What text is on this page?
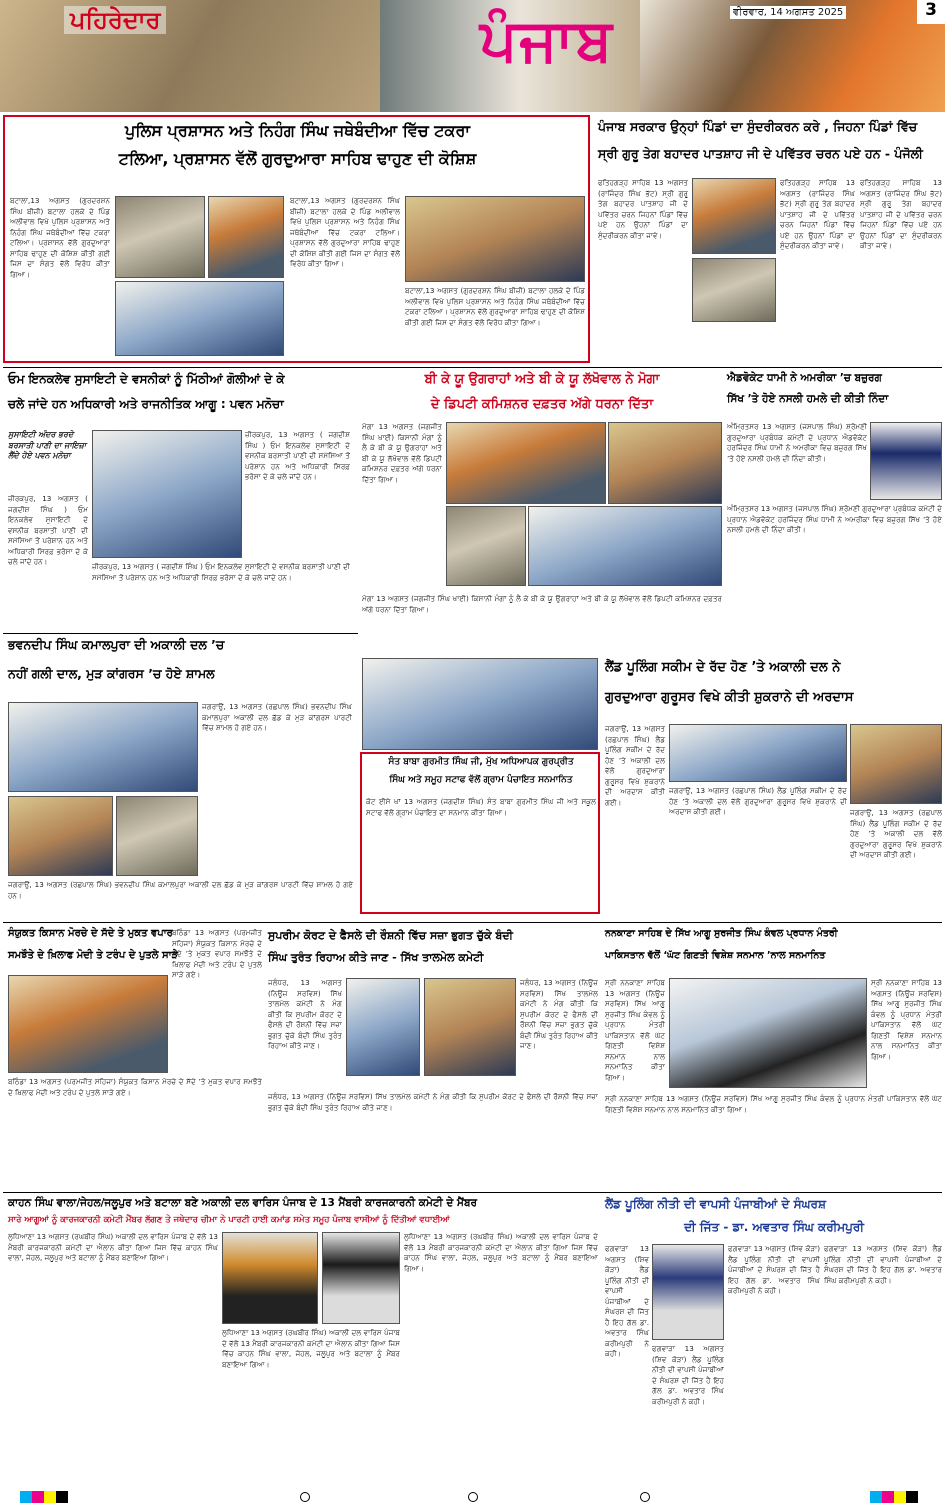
ਪਹਿਰੇਦਾਰ	ਪੰਜਾਬ	ਵੀਰਵਾਰ, 14 ਅਗਸਤ 2025	3
ਪੁਲਿਸ ਪ੍ਰਸ਼ਾਸਨ ਅਤੇ ਨਿਹੰਗ ਸਿੰਘ ਜਥੇਬੰਦੀਆ ਵਿੱਚ ਟਕਰਾ
ਟਲਿਆ, ਪ੍ਰਸ਼ਾਸਨ ਵੱਲੋਂ ਗੁਰਦੁਆਰਾ ਸਾਹਿਬ ਢਾਹੁਣ ਦੀ ਕੋਸ਼ਿਸ਼
ਬਟਾਲਾ,13 ਅਗਸਤ (ਗੁਰਦਰਸ਼ਨ ਸਿੰਘ ਬੀਜ਼ੀ) ਬਟਾਲਾ ਹਲਕੇ ਦੇ ਪਿੰਡ ਅਲੀਵਾਲ ਵਿਖੇ ਪੁਲਿਸ ਪ੍ਰਸ਼ਾਸਨ ਅਤੇ ਨਿਹੰਗ ਸਿੰਘ ਜਥੇਬੰਦੀਆਂ ਵਿੱਚ ਟਕਰਾ ਟਲਿਆ। ਪ੍ਰਸ਼ਾਸਨ ਵੱਲੋਂ ਗੁਰਦੁਆਰਾ ਸਾਹਿਬ ਢਾਹੁਣ ਦੀ ਕੋਸ਼ਿਸ਼ ਕੀਤੀ ਗਈ ਜਿਸ ਦਾ ਸੰਗਤ ਵੱਲੋਂ ਵਿਰੋਧ ਕੀਤਾ ਗਿਆ।
ਬਟਾਲਾ,13 ਅਗਸਤ (ਗੁਰਦਰਸ਼ਨ ਸਿੰਘ ਬੀਜ਼ੀ) ਬਟਾਲਾ ਹਲਕੇ ਦੇ ਪਿੰਡ ਅਲੀਵਾਲ ਵਿਖੇ ਪੁਲਿਸ ਪ੍ਰਸ਼ਾਸਨ ਅਤੇ ਨਿਹੰਗ ਸਿੰਘ ਜਥੇਬੰਦੀਆਂ ਵਿੱਚ ਟਕਰਾ ਟਲਿਆ। ਪ੍ਰਸ਼ਾਸਨ ਵੱਲੋਂ ਗੁਰਦੁਆਰਾ ਸਾਹਿਬ ਢਾਹੁਣ ਦੀ ਕੋਸ਼ਿਸ਼ ਕੀਤੀ ਗਈ ਜਿਸ ਦਾ ਸੰਗਤ ਵੱਲੋਂ ਵਿਰੋਧ ਕੀਤਾ ਗਿਆ।
ਬਟਾਲਾ,13 ਅਗਸਤ (ਗੁਰਦਰਸ਼ਨ ਸਿੰਘ ਬੀਜ਼ੀ) ਬਟਾਲਾ ਹਲਕੇ ਦੇ ਪਿੰਡ ਅਲੀਵਾਲ ਵਿਖੇ ਪੁਲਿਸ ਪ੍ਰਸ਼ਾਸਨ ਅਤੇ ਨਿਹੰਗ ਸਿੰਘ ਜਥੇਬੰਦੀਆਂ ਵਿੱਚ ਟਕਰਾ ਟਲਿਆ। ਪ੍ਰਸ਼ਾਸਨ ਵੱਲੋਂ ਗੁਰਦੁਆਰਾ ਸਾਹਿਬ ਢਾਹੁਣ ਦੀ ਕੋਸ਼ਿਸ਼ ਕੀਤੀ ਗਈ ਜਿਸ ਦਾ ਸੰਗਤ ਵੱਲੋਂ ਵਿਰੋਧ ਕੀਤਾ ਗਿਆ।
ਪੰਜਾਬ ਸਰਕਾਰ ਉਨ੍ਹਾਂ ਪਿੰਡਾਂ ਦਾ ਸੁੰਦਰੀਕਰਨ ਕਰੇ , ਜਿਹਨਾ ਪਿੰਡਾਂ ਵਿੱਚ
ਸ੍ਰੀ ਗੁਰੂ ਤੇਗ ਬਹਾਦਰ ਪਾਤਸ਼ਾਹ ਜੀ ਦੇ ਪਵਿੱਤਰ ਚਰਨ ਪਏ ਹਨ - ਪੰਜੋਲੀ
ਫਤਿਹਗੜ੍ਹ ਸਾਹਿਬ 13 ਅਗਸਤ (ਰਾਜਿੰਦਰ ਸਿੰਘ ਭੱਟ) ਸ੍ਰੀ ਗੁਰੂ ਤੇਗ ਬਹਾਦਰ ਪਾਤਸ਼ਾਹ ਜੀ ਦੇ ਪਵਿੱਤਰ ਚਰਨ ਜਿਹਨਾਂ ਪਿੰਡਾਂ ਵਿੱਚ ਪਏ ਹਨ ਉਹਨਾਂ ਪਿੰਡਾਂ ਦਾ ਸੁੰਦਰੀਕਰਨ ਕੀਤਾ ਜਾਵੇ।
ਫਤਿਹਗੜ੍ਹ ਸਾਹਿਬ 13 ਅਗਸਤ (ਰਾਜਿੰਦਰ ਸਿੰਘ ਭੱਟ) ਸ੍ਰੀ ਗੁਰੂ ਤੇਗ ਬਹਾਦਰ ਪਾਤਸ਼ਾਹ ਜੀ ਦੇ ਪਵਿੱਤਰ ਚਰਨ ਜਿਹਨਾਂ ਪਿੰਡਾਂ ਵਿੱਚ ਪਏ ਹਨ ਉਹਨਾਂ ਪਿੰਡਾਂ ਦਾ ਸੁੰਦਰੀਕਰਨ ਕੀਤਾ ਜਾਵੇ।
ਫਤਿਹਗੜ੍ਹ ਸਾਹਿਬ 13 ਅਗਸਤ (ਰਾਜਿੰਦਰ ਸਿੰਘ ਭੱਟ) ਸ੍ਰੀ ਗੁਰੂ ਤੇਗ ਬਹਾਦਰ ਪਾਤਸ਼ਾਹ ਜੀ ਦੇ ਪਵਿੱਤਰ ਚਰਨ ਜਿਹਨਾਂ ਪਿੰਡਾਂ ਵਿੱਚ ਪਏ ਹਨ ਉਹਨਾਂ ਪਿੰਡਾਂ ਦਾ ਸੁੰਦਰੀਕਰਨ ਕੀਤਾ ਜਾਵੇ।
ਓਮ ਇਨਕਲੇਵ ਸੁਸਾਇਟੀ ਦੇ ਵਸਨੀਕਾਂ ਨੂੰ ਮਿੱਠੀਆਂ ਗੋਲੀਆਂ ਦੇ ਕੇ
ਚਲੇ ਜਾਂਦੇ ਹਨ ਅਧਿਕਾਰੀ ਅਤੇ ਰਾਜਨੀਤਿਕ ਆਗੂ : ਪਵਨ ਮਨੋਚਾ
ਸੁਸਾਇਟੀ ਅੰਦਰ ਭਰਦੇ ਬਰਸਾਤੀ ਪਾਣੀ ਦਾ ਜਾਇਜ਼ਾ ਲੈਂਦੇ ਹੋਏ ਪਵਨ ਮਨੋਚਾ
ਜ਼ੀਰਕਪੁਰ, 13 ਅਗਸਤ ( ਜਗਦੀਸ਼ ਸਿੰਘ ) ਓਮ ਇਨਕਲੇਵ ਸੁਸਾਇਟੀ ਦੇ ਵਸਨੀਕ ਬਰਸਾਤੀ ਪਾਣੀ ਦੀ ਸਮੱਸਿਆ ਤੋਂ ਪਰੇਸ਼ਾਨ ਹਨ ਅਤੇ ਅਧਿਕਾਰੀ ਸਿਰਫ਼ ਭਰੋਸਾ ਦੇ ਕੇ ਚਲੇ ਜਾਂਦੇ ਹਨ।
ਜ਼ੀਰਕਪੁਰ, 13 ਅਗਸਤ ( ਜਗਦੀਸ਼ ਸਿੰਘ ) ਓਮ ਇਨਕਲੇਵ ਸੁਸਾਇਟੀ ਦੇ ਵਸਨੀਕ ਬਰਸਾਤੀ ਪਾਣੀ ਦੀ ਸਮੱਸਿਆ ਤੋਂ ਪਰੇਸ਼ਾਨ ਹਨ ਅਤੇ ਅਧਿਕਾਰੀ ਸਿਰਫ਼ ਭਰੋਸਾ ਦੇ ਕੇ ਚਲੇ ਜਾਂਦੇ ਹਨ।
ਜ਼ੀਰਕਪੁਰ, 13 ਅਗਸਤ ( ਜਗਦੀਸ਼ ਸਿੰਘ ) ਓਮ ਇਨਕਲੇਵ ਸੁਸਾਇਟੀ ਦੇ ਵਸਨੀਕ ਬਰਸਾਤੀ ਪਾਣੀ ਦੀ ਸਮੱਸਿਆ ਤੋਂ ਪਰੇਸ਼ਾਨ ਹਨ ਅਤੇ ਅਧਿਕਾਰੀ ਸਿਰਫ਼ ਭਰੋਸਾ ਦੇ ਕੇ ਚਲੇ ਜਾਂਦੇ ਹਨ।
ਬੀ ਕੇ ਯੂ ਉਗਰਾਹਾਂ ਅਤੇ ਬੀ ਕੇ ਯੂ ਲੱਖੋਵਾਲ ਨੇ ਮੋਗਾ
ਦੇ ਡਿਪਟੀ ਕਮਿਸ਼ਨਰ ਦਫ਼ਤਰ ਅੱਗੇ ਧਰਨਾ ਦਿੱਤਾ
ਮੋਗਾ 13 ਅਗਸਤ (ਜਗਜੀਤ ਸਿੰਘ ਖਾਈ) ਕਿਸਾਨੀ ਮੰਗਾਂ ਨੂੰ ਲੈ ਕੇ ਬੀ ਕੇ ਯੂ ਉਗਰਾਹਾਂ ਅਤੇ ਬੀ ਕੇ ਯੂ ਲੱਖੋਵਾਲ ਵੱਲੋਂ ਡਿਪਟੀ ਕਮਿਸ਼ਨਰ ਦਫ਼ਤਰ ਅੱਗੇ ਧਰਨਾ ਦਿੱਤਾ ਗਿਆ।
ਮੋਗਾ 13 ਅਗਸਤ (ਜਗਜੀਤ ਸਿੰਘ ਖਾਈ) ਕਿਸਾਨੀ ਮੰਗਾਂ ਨੂੰ ਲੈ ਕੇ ਬੀ ਕੇ ਯੂ ਉਗਰਾਹਾਂ ਅਤੇ ਬੀ ਕੇ ਯੂ ਲੱਖੋਵਾਲ ਵੱਲੋਂ ਡਿਪਟੀ ਕਮਿਸ਼ਨਰ ਦਫ਼ਤਰ ਅੱਗੇ ਧਰਨਾ ਦਿੱਤਾ ਗਿਆ।
ਐਡਵੋਕੇਟ ਧਾਮੀ ਨੇ ਅਮਰੀਕਾ ’ਚ ਬਜ਼ੁਰਗ
ਸਿੱਖ ’ਤੇ ਹੋਏ ਨਸਲੀ ਹਮਲੇ ਦੀ ਕੀਤੀ ਨਿੰਦਾ
ਅੰਮ੍ਰਿਤਸਰ 13 ਅਗਸਤ (ਜਸਪਾਲ ਸਿੰਘ) ਸ਼੍ਰੋਮਣੀ ਗੁਰਦੁਆਰਾ ਪ੍ਰਬੰਧਕ ਕਮੇਟੀ ਦੇ ਪ੍ਰਧਾਨ ਐਡਵੋਕੇਟ ਹਰਜਿੰਦਰ ਸਿੰਘ ਧਾਮੀ ਨੇ ਅਮਰੀਕਾ ਵਿਚ ਬਜ਼ੁਰਗ ਸਿੱਖ ’ਤੇ ਹੋਏ ਨਸਲੀ ਹਮਲੇ ਦੀ ਨਿੰਦਾ ਕੀਤੀ।
ਅੰਮ੍ਰਿਤਸਰ 13 ਅਗਸਤ (ਜਸਪਾਲ ਸਿੰਘ) ਸ਼੍ਰੋਮਣੀ ਗੁਰਦੁਆਰਾ ਪ੍ਰਬੰਧਕ ਕਮੇਟੀ ਦੇ ਪ੍ਰਧਾਨ ਐਡਵੋਕੇਟ ਹਰਜਿੰਦਰ ਸਿੰਘ ਧਾਮੀ ਨੇ ਅਮਰੀਕਾ ਵਿਚ ਬਜ਼ੁਰਗ ਸਿੱਖ ’ਤੇ ਹੋਏ ਨਸਲੀ ਹਮਲੇ ਦੀ ਨਿੰਦਾ ਕੀਤੀ।
ਭਵਨਦੀਪ ਸਿੰਘ ਕਮਾਲਪੁਰਾ ਦੀ ਅਕਾਲੀ ਦਲ ’ਚ
ਨਹੀਂ ਗਲੀ ਦਾਲ, ਮੁੜ ਕਾਂਗਰਸ ’ਚ ਹੋਏ ਸ਼ਾਮਲ
ਜਗਰਾਉਂ, 13 ਅਗਸਤ (ਰਛਪਾਲ ਸਿੰਘ) ਭਵਨਦੀਪ ਸਿੰਘ ਕਮਾਲਪੁਰਾ ਅਕਾਲੀ ਦਲ ਛੱਡ ਕੇ ਮੁੜ ਕਾਂਗਰਸ ਪਾਰਟੀ ਵਿੱਚ ਸ਼ਾਮਲ ਹੋ ਗਏ ਹਨ।
ਜਗਰਾਉਂ, 13 ਅਗਸਤ (ਰਛਪਾਲ ਸਿੰਘ) ਭਵਨਦੀਪ ਸਿੰਘ ਕਮਾਲਪੁਰਾ ਅਕਾਲੀ ਦਲ ਛੱਡ ਕੇ ਮੁੜ ਕਾਂਗਰਸ ਪਾਰਟੀ ਵਿੱਚ ਸ਼ਾਮਲ ਹੋ ਗਏ ਹਨ।
ਸੰਤ ਬਾਬਾ ਗੁਰਮੀਤ ਸਿੰਘ ਜੀ, ਮੁੱਖ ਅਧਿਆਪਕ ਗੁਰਪ੍ਰੀਤ
ਸਿੰਘ ਅਤੇ ਸਮੂਹ ਸਟਾਫ ਵੱਲੋਂ ਗ੍ਰਾਮ ਪੰਚਾਇਤ ਸਨਮਾਨਿਤ
ਕੋਟ ਈਸੇ ਖਾਂ 13 ਅਗਸਤ (ਜਗਦੀਸ਼ ਸਿੰਘ) ਸੰਤ ਬਾਬਾ ਗੁਰਮੀਤ ਸਿੰਘ ਜੀ ਅਤੇ ਸਕੂਲ ਸਟਾਫ ਵੱਲੋਂ ਗ੍ਰਾਮ ਪੰਚਾਇਤ ਦਾ ਸਨਮਾਨ ਕੀਤਾ ਗਿਆ।
ਲੈਂਡ ਪੂਲਿੰਗ ਸਕੀਮ ਦੇ ਰੱਦ ਹੋਣ ’ਤੇ ਅਕਾਲੀ ਦਲ ਨੇ
ਗੁਰਦੁਆਰਾ ਗੁਰੂਸਰ ਵਿਖੇ ਕੀਤੀ ਸ਼ੁਕਰਾਨੇ ਦੀ ਅਰਦਾਸ
ਜਗਰਾਉਂ, 13 ਅਗਸਤ (ਰਛਪਾਲ ਸਿੰਘ) ਲੈਂਡ ਪੂਲਿੰਗ ਸਕੀਮ ਦੇ ਰੱਦ ਹੋਣ ’ਤੇ ਅਕਾਲੀ ਦਲ ਵੱਲੋਂ ਗੁਰਦੁਆਰਾ ਗੁਰੂਸਰ ਵਿਖੇ ਸ਼ੁਕਰਾਨੇ ਦੀ ਅਰਦਾਸ ਕੀਤੀ ਗਈ।
ਜਗਰਾਉਂ, 13 ਅਗਸਤ (ਰਛਪਾਲ ਸਿੰਘ) ਲੈਂਡ ਪੂਲਿੰਗ ਸਕੀਮ ਦੇ ਰੱਦ ਹੋਣ ’ਤੇ ਅਕਾਲੀ ਦਲ ਵੱਲੋਂ ਗੁਰਦੁਆਰਾ ਗੁਰੂਸਰ ਵਿਖੇ ਸ਼ੁਕਰਾਨੇ ਦੀ ਅਰਦਾਸ ਕੀਤੀ ਗਈ।	ਜਗਰਾਉਂ, 13 ਅਗਸਤ (ਰਛਪਾਲ ਸਿੰਘ) ਲੈਂਡ ਪੂਲਿੰਗ ਸਕੀਮ ਦੇ ਰੱਦ ਹੋਣ ’ਤੇ ਅਕਾਲੀ ਦਲ ਵੱਲੋਂ ਗੁਰਦੁਆਰਾ ਗੁਰੂਸਰ ਵਿਖੇ ਸ਼ੁਕਰਾਨੇ ਦੀ ਅਰਦਾਸ ਕੀਤੀ ਗਈ।
ਸੰਯੁਕਤ ਕਿਸਾਨ ਮੋਰਚੇ ਦੇ ਸੱਦੇ ਤੇ ਮੁਕਤ ਵਪਾਰ
ਸਮਝੌਤੇ ਦੇ ਖ਼ਿਲਾਫ ਮੋਦੀ ਤੇ ਟਰੰਪ ਦੇ ਪੁਤਲੇ ਸਾੜੇ
ਬਠਿੰਡਾ 13 ਅਗਸਤ (ਪਰਮਜੀਤ ਸਹਿਜਾ) ਸੰਯੁਕਤ ਕਿਸਾਨ ਮੋਰਚੇ ਦੇ ਸੱਦੇ ’ਤੇ ਮੁਕਤ ਵਪਾਰ ਸਮਝੌਤੇ ਦੇ ਖ਼ਿਲਾਫ ਮੋਦੀ ਅਤੇ ਟਰੰਪ ਦੇ ਪੁਤਲੇ ਸਾੜੇ ਗਏ।
ਬਠਿੰਡਾ 13 ਅਗਸਤ (ਪਰਮਜੀਤ ਸਹਿਜਾ) ਸੰਯੁਕਤ ਕਿਸਾਨ ਮੋਰਚੇ ਦੇ ਸੱਦੇ ’ਤੇ ਮੁਕਤ ਵਪਾਰ ਸਮਝੌਤੇ ਦੇ ਖ਼ਿਲਾਫ ਮੋਦੀ ਅਤੇ ਟਰੰਪ ਦੇ ਪੁਤਲੇ ਸਾੜੇ ਗਏ।
ਸੁਪਰੀਮ ਕੋਰਟ ਦੇ ਫੈਸਲੇ ਦੀ ਰੌਸ਼ਨੀ ਵਿੱਚ ਸਜ਼ਾ ਭੁਗਤ ਚੁੱਕੇ ਬੰਦੀ
ਸਿੰਘ ਤੁਰੰਤ ਰਿਹਾਅ ਕੀਤੇ ਜਾਣ - ਸਿੱਖ ਤਾਲਮੇਲ ਕਮੇਟੀ
ਜਲੰਧਰ, 13 ਅਗਸਤ (ਨਿਊਜ਼ ਸਰਵਿਸ) ਸਿੱਖ ਤਾਲਮੇਲ ਕਮੇਟੀ ਨੇ ਮੰਗ ਕੀਤੀ ਕਿ ਸੁਪਰੀਮ ਕੋਰਟ ਦੇ ਫੈਸਲੇ ਦੀ ਰੌਸ਼ਨੀ ਵਿੱਚ ਸਜ਼ਾ ਭੁਗਤ ਚੁੱਕੇ ਬੰਦੀ ਸਿੰਘ ਤੁਰੰਤ ਰਿਹਾਅ ਕੀਤੇ ਜਾਣ।
ਜਲੰਧਰ, 13 ਅਗਸਤ (ਨਿਊਜ਼ ਸਰਵਿਸ) ਸਿੱਖ ਤਾਲਮੇਲ ਕਮੇਟੀ ਨੇ ਮੰਗ ਕੀਤੀ ਕਿ ਸੁਪਰੀਮ ਕੋਰਟ ਦੇ ਫੈਸਲੇ ਦੀ ਰੌਸ਼ਨੀ ਵਿੱਚ ਸਜ਼ਾ ਭੁਗਤ ਚੁੱਕੇ ਬੰਦੀ ਸਿੰਘ ਤੁਰੰਤ ਰਿਹਾਅ ਕੀਤੇ ਜਾਣ।
ਜਲੰਧਰ, 13 ਅਗਸਤ (ਨਿਊਜ਼ ਸਰਵਿਸ) ਸਿੱਖ ਤਾਲਮੇਲ ਕਮੇਟੀ ਨੇ ਮੰਗ ਕੀਤੀ ਕਿ ਸੁਪਰੀਮ ਕੋਰਟ ਦੇ ਫੈਸਲੇ ਦੀ ਰੌਸ਼ਨੀ ਵਿੱਚ ਸਜ਼ਾ ਭੁਗਤ ਚੁੱਕੇ ਬੰਦੀ ਸਿੰਘ ਤੁਰੰਤ ਰਿਹਾਅ ਕੀਤੇ ਜਾਣ।
ਨਨਕਾਣਾ ਸਾਹਿਬ ਦੇ ਸਿੱਖ ਆਗੂ ਸੁਰਜੀਤ ਸਿੰਘ ਕੰਵਲ ਪ੍ਰਧਾਨ ਮੰਤਰੀ
ਪਾਕਿਸਤਾਨ ਵੱਲੋਂ ‘ਘੱਟ ਗਿਣਤੀ ਵਿਸ਼ੇਸ਼ ਸਨਮਾਨ ’ਨਾਲ ਸਨਮਾਨਿਤ
ਸ੍ਰੀ ਨਨਕਾਣਾ ਸਾਹਿਬ 13 ਅਗਸਤ (ਨਿਊਜ਼ ਸਰਵਿਸ) ਸਿੱਖ ਆਗੂ ਸੁਰਜੀਤ ਸਿੰਘ ਕੰਵਲ ਨੂੰ ਪ੍ਰਧਾਨ ਮੰਤਰੀ ਪਾਕਿਸਤਾਨ ਵੱਲੋਂ ਘੱਟ ਗਿਣਤੀ ਵਿਸ਼ੇਸ਼ ਸਨਮਾਨ ਨਾਲ ਸਨਮਾਨਿਤ ਕੀਤਾ ਗਿਆ।
ਸ੍ਰੀ ਨਨਕਾਣਾ ਸਾਹਿਬ 13 ਅਗਸਤ (ਨਿਊਜ਼ ਸਰਵਿਸ) ਸਿੱਖ ਆਗੂ ਸੁਰਜੀਤ ਸਿੰਘ ਕੰਵਲ ਨੂੰ ਪ੍ਰਧਾਨ ਮੰਤਰੀ ਪਾਕਿਸਤਾਨ ਵੱਲੋਂ ਘੱਟ ਗਿਣਤੀ ਵਿਸ਼ੇਸ਼ ਸਨਮਾਨ ਨਾਲ ਸਨਮਾਨਿਤ ਕੀਤਾ ਗਿਆ।
ਸ੍ਰੀ ਨਨਕਾਣਾ ਸਾਹਿਬ 13 ਅਗਸਤ (ਨਿਊਜ਼ ਸਰਵਿਸ) ਸਿੱਖ ਆਗੂ ਸੁਰਜੀਤ ਸਿੰਘ ਕੰਵਲ ਨੂੰ ਪ੍ਰਧਾਨ ਮੰਤਰੀ ਪਾਕਿਸਤਾਨ ਵੱਲੋਂ ਘੱਟ ਗਿਣਤੀ ਵਿਸ਼ੇਸ਼ ਸਨਮਾਨ ਨਾਲ ਸਨਮਾਨਿਤ ਕੀਤਾ ਗਿਆ।
ਕਾਹਨ ਸਿੰਘ ਵਾਲਾ/ਜੇਹਲ/ਜਲੂਪੁਰ ਅਤੇ ਬਟਾਲਾ ਬਣੇ ਅਕਾਲੀ ਦਲ ਵਾਰਿਸ ਪੰਜਾਬ ਦੇ 13 ਮੈਂਬਰੀ ਕਾਰਜਕਾਰਨੀ ਕਮੇਟੀ ਦੇ ਮੈਂਬਰ
ਸਾਰੇ ਆਗੂਆਂ ਨੂੰ ਕਾਰਜਕਾਰਨੀ ਕਮੇਟੀ ਮੈਂਬਰ ਲੱਗਣ ਤੇ ਜਥੇਦਾਰ ਚੀਮਾ ਨੇ ਪਾਰਟੀ ਹਾਈ ਕਮਾਂਡ ਸਮੇਤ ਸਮੂਹ ਪੰਜਾਬ ਵਾਸੀਆਂ ਨੂੰ ਦਿੱਤੀਆਂ ਵਧਾਈਆਂ
ਲੁਧਿਆਣਾ 13 ਅਗਸਤ (ਰਘਬੀਰ ਸਿੰਘ) ਅਕਾਲੀ ਦਲ ਵਾਰਿਸ ਪੰਜਾਬ ਦੇ ਵੱਲੋਂ 13 ਮੈਂਬਰੀ ਕਾਰਜਕਾਰਨੀ ਕਮੇਟੀ ਦਾ ਐਲਾਨ ਕੀਤਾ ਗਿਆ ਜਿਸ ਵਿੱਚ ਕਾਹਨ ਸਿੰਘ ਵਾਲਾ, ਜੇਹਲ, ਜਲੂਪੁਰ ਅਤੇ ਬਟਾਲਾ ਨੂੰ ਮੈਂਬਰ ਬਣਾਇਆ ਗਿਆ।
ਲੁਧਿਆਣਾ 13 ਅਗਸਤ (ਰਘਬੀਰ ਸਿੰਘ) ਅਕਾਲੀ ਦਲ ਵਾਰਿਸ ਪੰਜਾਬ ਦੇ ਵੱਲੋਂ 13 ਮੈਂਬਰੀ ਕਾਰਜਕਾਰਨੀ ਕਮੇਟੀ ਦਾ ਐਲਾਨ ਕੀਤਾ ਗਿਆ ਜਿਸ ਵਿੱਚ ਕਾਹਨ ਸਿੰਘ ਵਾਲਾ, ਜੇਹਲ, ਜਲੂਪੁਰ ਅਤੇ ਬਟਾਲਾ ਨੂੰ ਮੈਂਬਰ ਬਣਾਇਆ ਗਿਆ।
ਲੁਧਿਆਣਾ 13 ਅਗਸਤ (ਰਘਬੀਰ ਸਿੰਘ) ਅਕਾਲੀ ਦਲ ਵਾਰਿਸ ਪੰਜਾਬ ਦੇ ਵੱਲੋਂ 13 ਮੈਂਬਰੀ ਕਾਰਜਕਾਰਨੀ ਕਮੇਟੀ ਦਾ ਐਲਾਨ ਕੀਤਾ ਗਿਆ ਜਿਸ ਵਿੱਚ ਕਾਹਨ ਸਿੰਘ ਵਾਲਾ, ਜੇਹਲ, ਜਲੂਪੁਰ ਅਤੇ ਬਟਾਲਾ ਨੂੰ ਮੈਂਬਰ ਬਣਾਇਆ ਗਿਆ।
ਲੈਂਡ ਪੂਲਿੰਗ ਨੀਤੀ ਦੀ ਵਾਪਸੀ ਪੰਜਾਬੀਆਂ ਦੇ ਸੰਘਰਸ਼
ਦੀ ਜਿੱਤ - ਡਾ. ਅਵਤਾਰ ਸਿੰਘ ਕਰੀਮਪੁਰੀ
ਫਗਵਾੜਾ 13 ਅਗਸਤ (ਸ਼ਿਵ ਕੋੜਾ) ਲੈਂਡ ਪੂਲਿੰਗ ਨੀਤੀ ਦੀ ਵਾਪਸੀ ਪੰਜਾਬੀਆਂ ਦੇ ਸੰਘਰਸ਼ ਦੀ ਜਿੱਤ ਹੈ ਇਹ ਗੱਲ ਡਾ. ਅਵਤਾਰ ਸਿੰਘ ਕਰੀਮਪੁਰੀ ਨੇ ਕਹੀ।
ਫਗਵਾੜਾ 13 ਅਗਸਤ (ਸ਼ਿਵ ਕੋੜਾ) ਲੈਂਡ ਪੂਲਿੰਗ ਨੀਤੀ ਦੀ ਵਾਪਸੀ ਪੰਜਾਬੀਆਂ ਦੇ ਸੰਘਰਸ਼ ਦੀ ਜਿੱਤ ਹੈ ਇਹ ਗੱਲ ਡਾ. ਅਵਤਾਰ ਸਿੰਘ ਕਰੀਮਪੁਰੀ ਨੇ ਕਹੀ।
ਫਗਵਾੜਾ 13 ਅਗਸਤ (ਸ਼ਿਵ ਕੋੜਾ) ਲੈਂਡ ਪੂਲਿੰਗ ਨੀਤੀ ਦੀ ਵਾਪਸੀ ਪੰਜਾਬੀਆਂ ਦੇ ਸੰਘਰਸ਼ ਦੀ ਜਿੱਤ ਹੈ ਇਹ ਗੱਲ ਡਾ. ਅਵਤਾਰ ਸਿੰਘ ਕਰੀਮਪੁਰੀ ਨੇ ਕਹੀ।
ਫਗਵਾੜਾ 13 ਅਗਸਤ (ਸ਼ਿਵ ਕੋੜਾ) ਲੈਂਡ ਪੂਲਿੰਗ ਨੀਤੀ ਦੀ ਵਾਪਸੀ ਪੰਜਾਬੀਆਂ ਦੇ ਸੰਘਰਸ਼ ਦੀ ਜਿੱਤ ਹੈ ਇਹ ਗੱਲ ਡਾ. ਅਵਤਾਰ ਸਿੰਘ ਕਰੀਮਪੁਰੀ ਨੇ ਕਹੀ।
